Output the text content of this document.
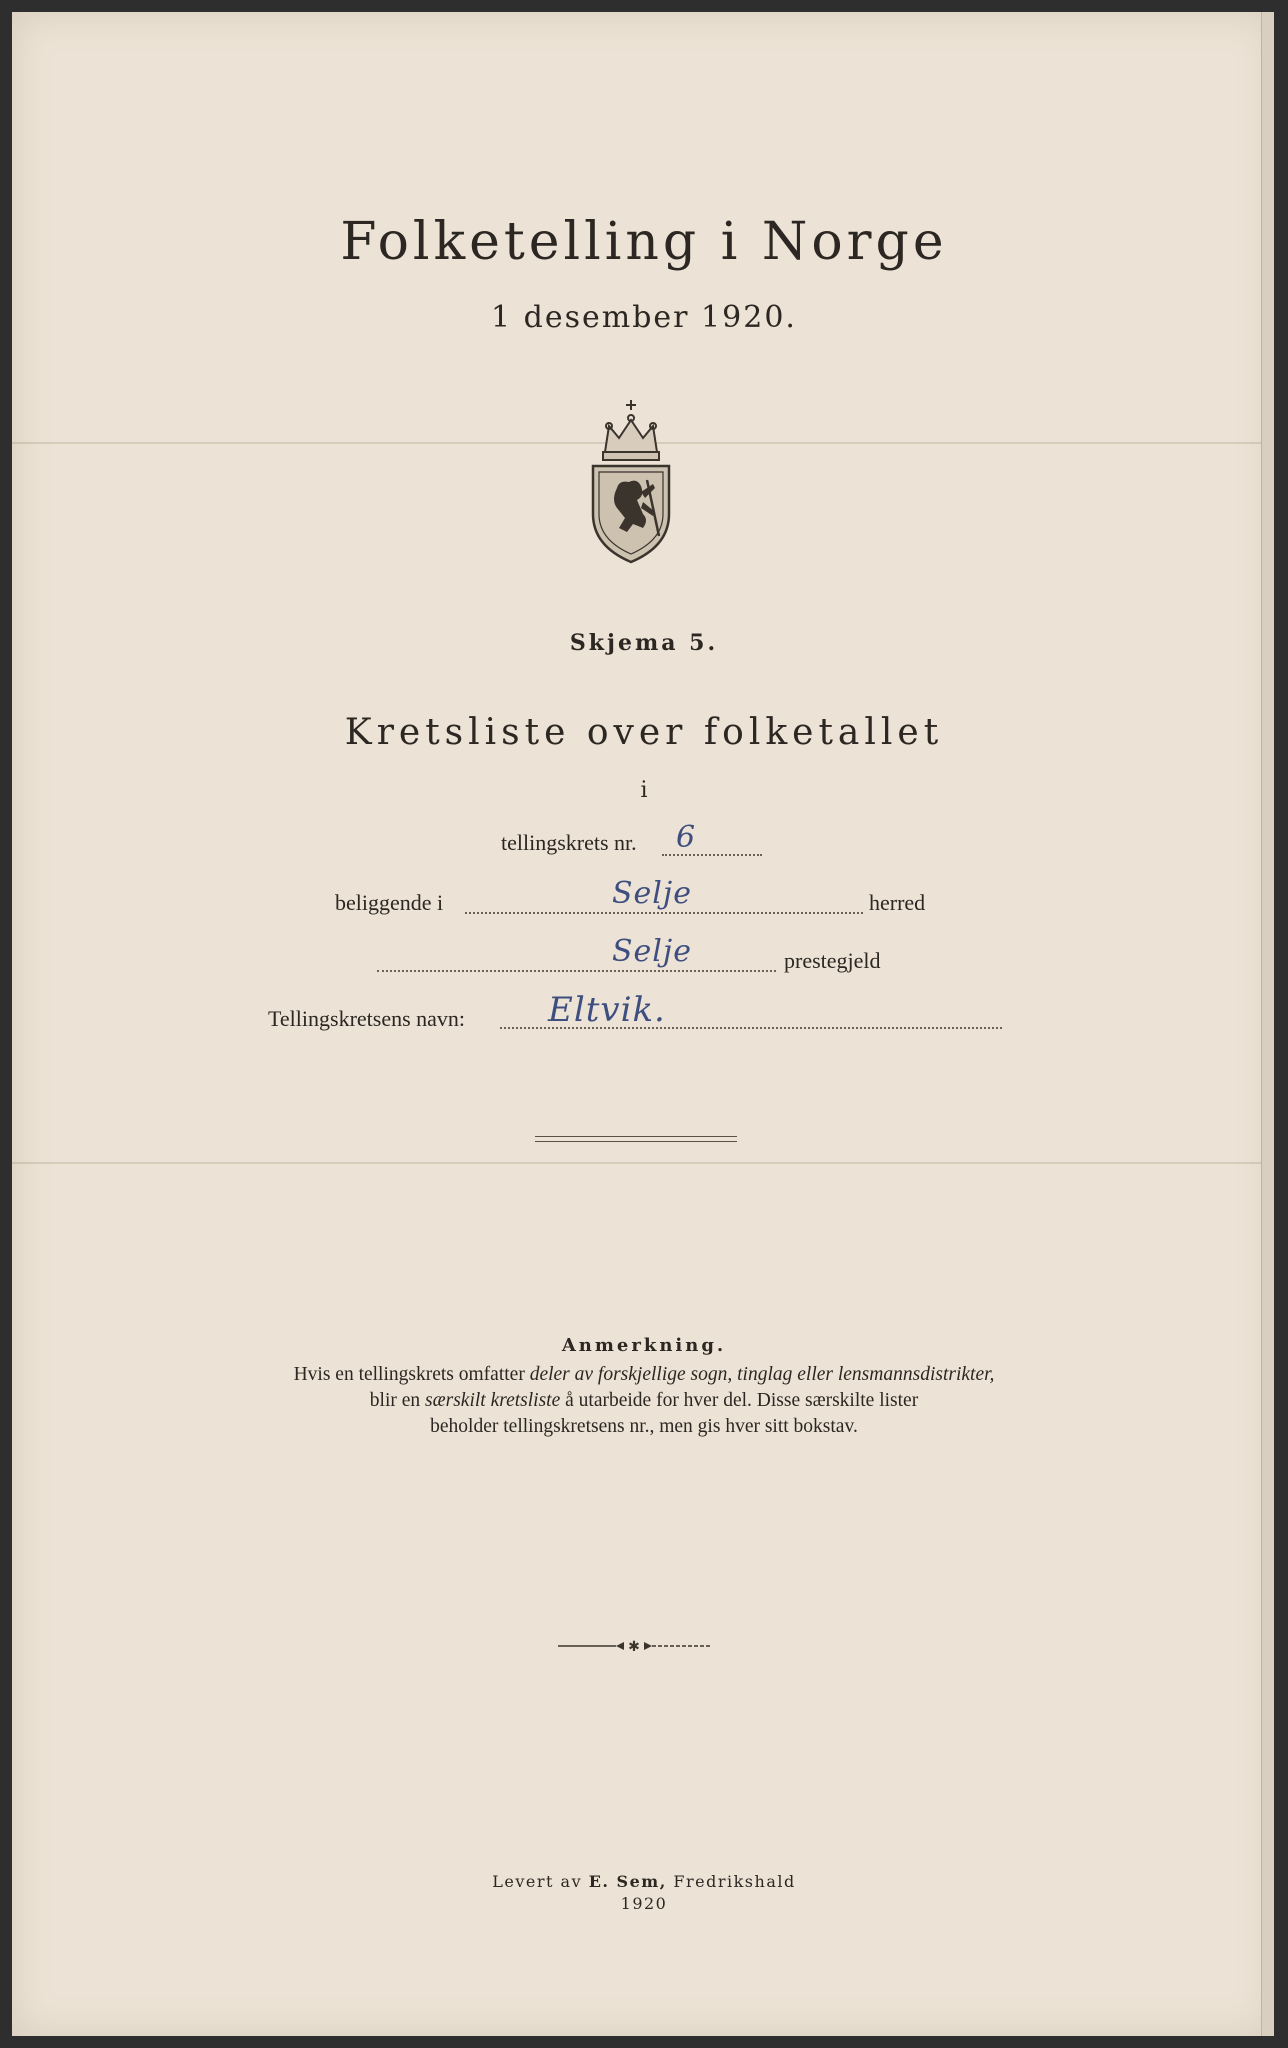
Folketelling i Norge
1 desember 1920.
Skjema 5.
Kretsliste over folketallet
i
tellingskrets nr. 6
beliggende i	Selje	herred
Selje	prestegjeld
Tellingskretsens navn: Eltvik.
Anmerkning.
Hvis en tellingskrets omfatter deler av forskjellige sogn, tinglag eller lensmannsdistrikter,
blir en særskilt kretsliste å utarbeide for hver del. Disse særskilte lister
beholder tellingskretsens nr., men gis hver sitt bokstav.
✱
Levert av E. Sem, Fredrikshald
1920
